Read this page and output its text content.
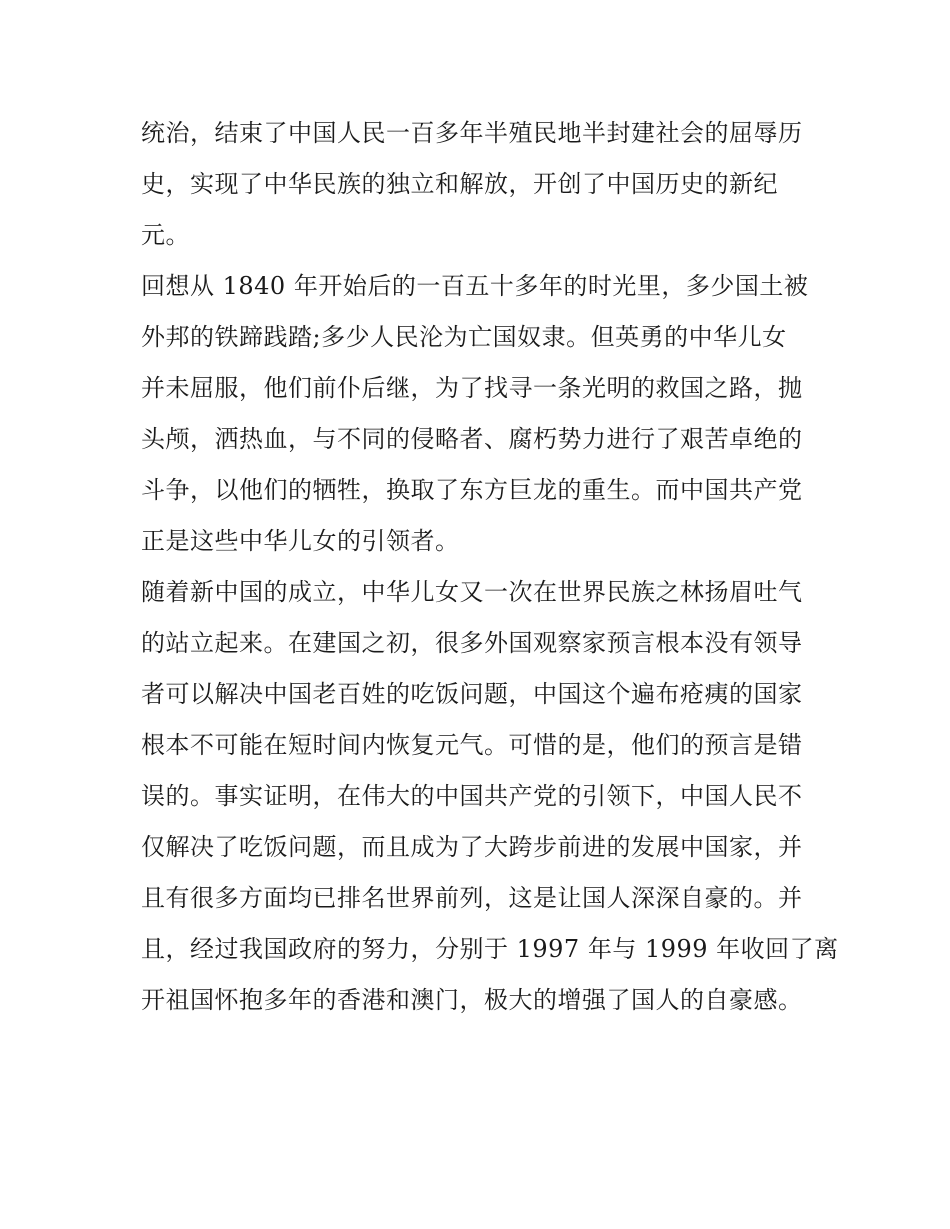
统治，结束了中国人民一百多年半殖民地半封建社会的屈辱历
史，实现了中华民族的独立和解放，开创了中国历史的新纪
元。
回想从 1840 年开始后的一百五十多年的时光里，多少国土被
外邦的铁蹄践踏;多少人民沦为亡国奴隶。但英勇的中华儿女
并未屈服，他们前仆后继，为了找寻一条光明的救国之路，抛
头颅，洒热血，与不同的侵略者、腐朽势力进行了艰苦卓绝的
斗争，以他们的牺牲，换取了东方巨龙的重生。而中国共产党
正是这些中华儿女的引领者。
随着新中国的成立，中华儿女又一次在世界民族之林扬眉吐气
的站立起来。在建国之初，很多外国观察家预言根本没有领导
者可以解决中国老百姓的吃饭问题，中国这个遍布疮痍的国家
根本不可能在短时间内恢复元气。可惜的是，他们的预言是错
误的。事实证明，在伟大的中国共产党的引领下，中国人民不
仅解决了吃饭问题，而且成为了大跨步前进的发展中国家，并
且有很多方面均已排名世界前列，这是让国人深深自豪的。并
且，经过我国政府的努力，分别于 1997 年与 1999 年收回了离
开祖国怀抱多年的香港和澳门，极大的增强了国人的自豪感。
